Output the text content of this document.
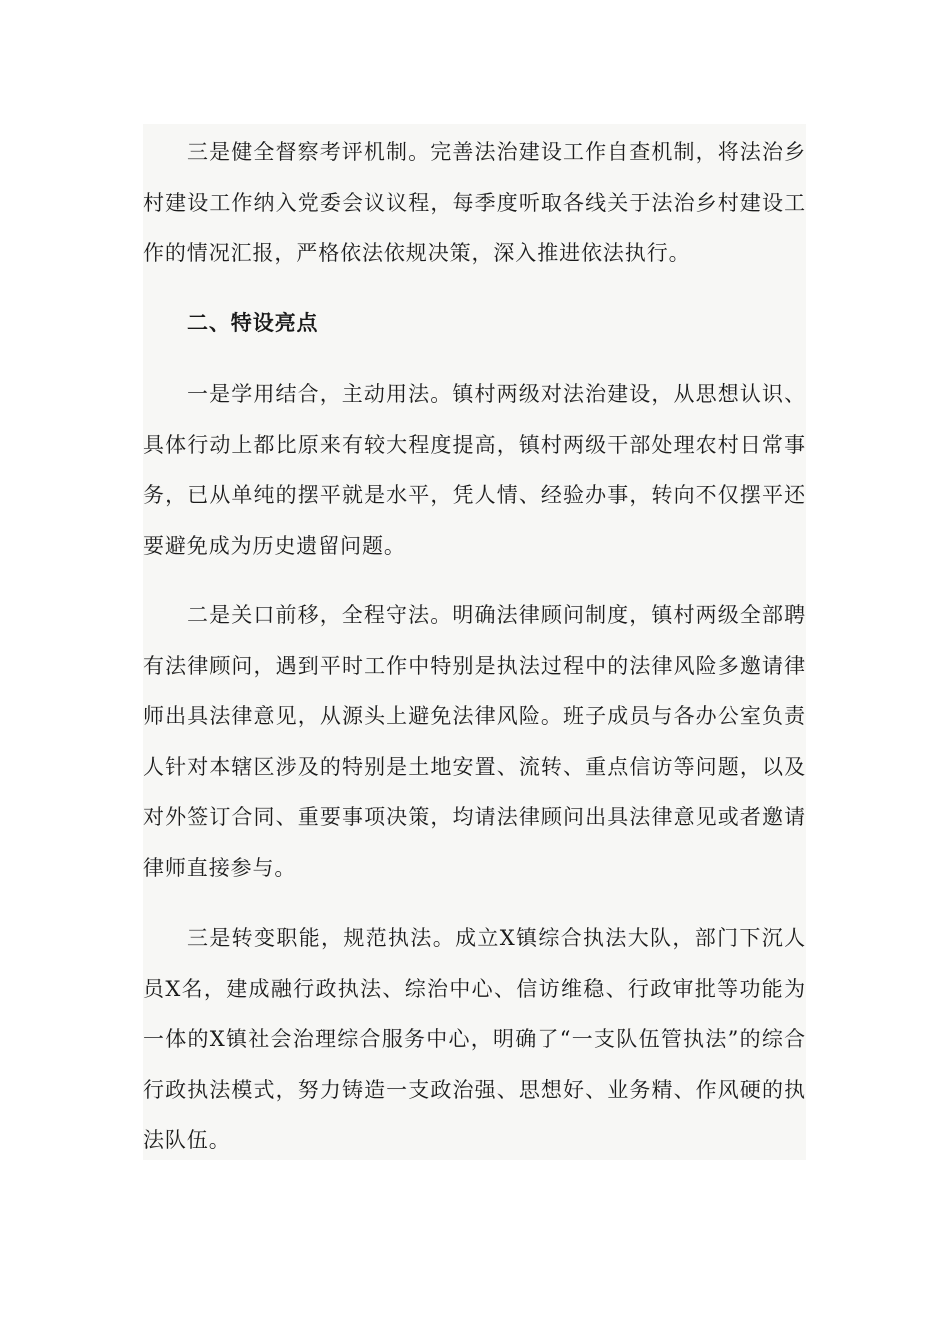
三是健全督察考评机制。完善法治建设工作自查机制，将法治乡村建设工作纳入党委会议议程，每季度听取各线关于法治乡村建设工作的情况汇报，严格依法依规决策，深入推进依法执行。

二、特设亮点

一是学用结合，主动用法。镇村两级对法治建设，从思想认识、具体行动上都比原来有较大程度提高，镇村两级干部处理农村日常事务，已从单纯的摆平就是水平，凭人情、经验办事，转向不仅摆平还要避免成为历史遗留问题。

二是关口前移，全程守法。明确法律顾问制度，镇村两级全部聘有法律顾问，遇到平时工作中特别是执法过程中的法律风险多邀请律师出具法律意见，从源头上避免法律风险。班子成员与各办公室负责人针对本辖区涉及的特别是土地安置、流转、重点信访等问题，以及对外签订合同、重要事项决策，均请法律顾问出具法律意见或者邀请律师直接参与。

三是转变职能，规范执法。成立X镇综合执法大队，部门下沉人员X名，建成融行政执法、综治中心、信访维稳、行政审批等功能为一体的X镇社会治理综合服务中心，明确了“一支队伍管执法”的综合行政执法模式，努力铸造一支政治强、思想好、业务精、作风硬的执法队伍。
